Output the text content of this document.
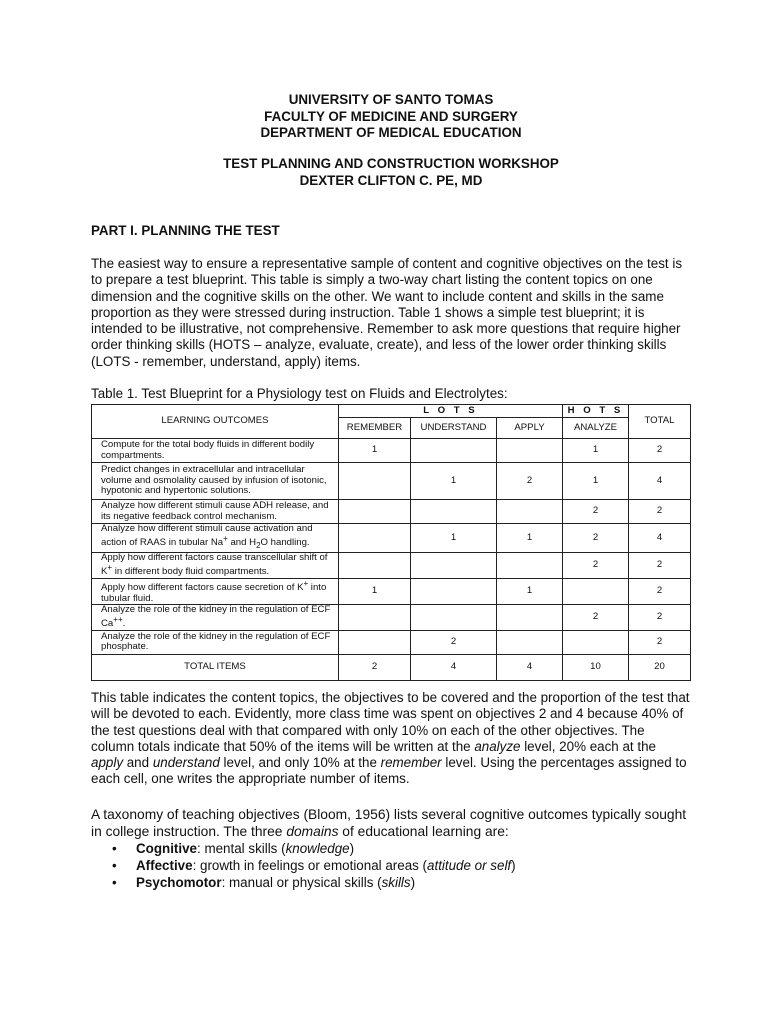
UNIVERSITY OF SANTO TOMAS
FACULTY OF MEDICINE AND SURGERY
DEPARTMENT OF MEDICAL EDUCATION
TEST PLANNING AND CONSTRUCTION WORKSHOP
DEXTER CLIFTON C. PE, MD
PART I. PLANNING THE TEST
The easiest way to ensure a representative sample of content and cognitive objectives on the test is to prepare a test blueprint. This table is simply a two-way chart listing the content topics on one dimension and the cognitive skills on the other. We want to include content and skills in the same proportion as they were stressed during instruction. Table 1 shows a simple test blueprint; it is intended to be illustrative, not comprehensive. Remember to ask more questions that require higher order thinking skills (HOTS – analyze, evaluate, create), and less of the lower order thinking skills (LOTS - remember, understand, apply) items.
Table 1. Test Blueprint for a Physiology test on Fluids and Electrolytes:
LEARNING OUTCOMES	L O T S			H O T S	TOTAL
	REMEMBER	UNDERSTAND	APPLY	ANALYZE	
Compute for the total body fluids in different bodily compartments.	1			1	2
Predict changes in extracellular and intracellular volume and osmolality caused by infusion of isotonic, hypotonic and hypertonic solutions.		1	2	1	4
Analyze how different stimuli cause ADH release, and its negative feedback control mechanism.				2	2
Analyze how different stimuli cause activation and action of RAAS in tubular Na+ and $H_2O$ handling.		1	1	2	4
Apply how different factors cause transcellular shift of K+ in different body fluid compartments.				2	2
Apply how different factors cause secretion of K+ into tubular fluid.	1		1		2
Analyze the role of the kidney in the regulation of ECF Ca++.				2	2
Analyze the role of the kidney in the regulation of ECF phosphate.		2			2
TOTAL ITEMS	2	4	4	10	20
This table indicates the content topics, the objectives to be covered and the proportion of the test that will be devoted to each. Evidently, more class time was spent on objectives 2 and 4 because 40% of the test questions deal with that compared with only 10% on each of the other objectives. The column totals indicate that 50% of the items will be written at the analyze level, 20% each at the apply and understand level, and only 10% at the remember level. Using the percentages assigned to each cell, one writes the appropriate number of items.
A taxonomy of teaching objectives (Bloom, 1956) lists several cognitive outcomes typically sought in college instruction. The three domains of educational learning are:
• Cognitive: mental skills (knowledge)
• Affective: growth in feelings or emotional areas (attitude or self)
• Psychomotor: manual or physical skills (skills)
